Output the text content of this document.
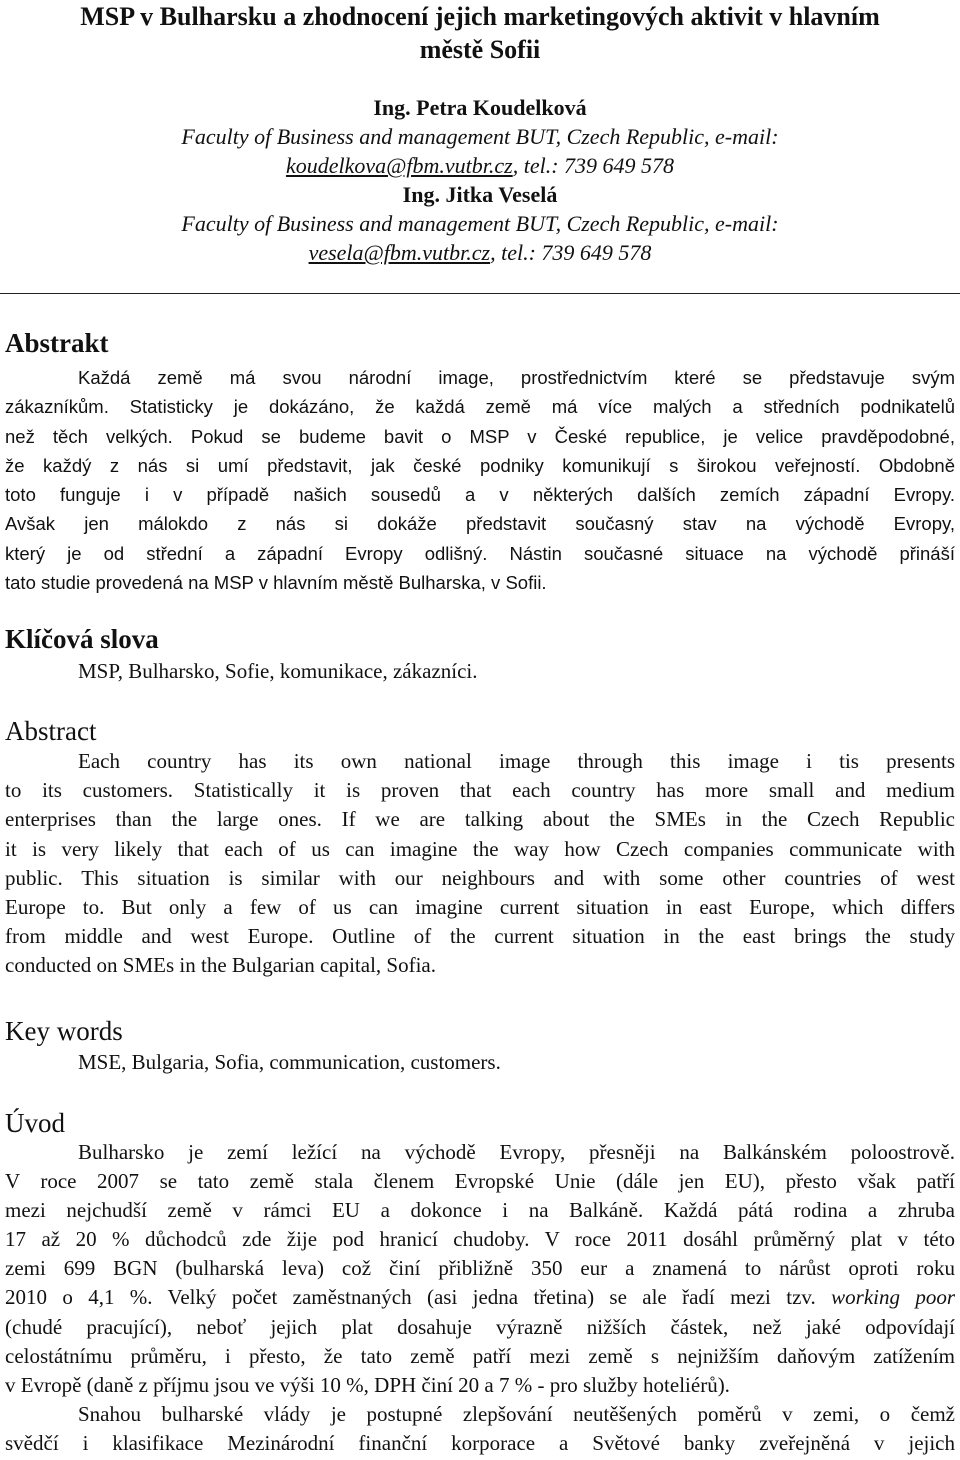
MSP v Bulharsku a zhodnocení jejich marketingových aktivit v hlavním
městě Sofii
Ing. Petra Koudelková
Faculty of Business and management BUT, Czech Republic, e-mail:
koudelkova@fbm.vutbr.cz, tel.: 739 649 578
Ing. Jitka Veselá
Faculty of Business and management BUT, Czech Republic, e-mail:
vesela@fbm.vutbr.cz, tel.: 739 649 578
Abstrakt
Každá země má svou národní image, prostřednictvím které se představuje svým
zákazníkům. Statisticky je dokázáno, že každá země má více malých a středních podnikatelů
než těch velkých. Pokud se budeme bavit o MSP v České republice, je velice pravděpodobné,
že každý z nás si umí představit, jak české podniky komunikují s širokou veřejností. Obdobně
toto funguje i v případě našich sousedů a v některých dalších zemích západní Evropy.
Avšak jen málokdo z nás si dokáže představit současný stav na východě Evropy,
který je od střední a západní Evropy odlišný. Nástin současné situace na východě přináší
tato studie provedená na MSP v hlavním městě Bulharska, v Sofii.
Klíčová slova
MSP, Bulharsko, Sofie, komunikace, zákazníci.
Abstract
Each country has its own national image through this image i tis presents
to its customers. Statistically it is proven that each country has more small and medium
enterprises than the large ones. If we are talking about the SMEs in the Czech Republic
it is very likely that each of us can imagine the way how Czech companies communicate with
public. This situation is similar with our neighbours and with some other countries of west
Europe to. But only a few of us can imagine current situation in east Europe, which differs
from middle and west Europe. Outline of the current situation in the east brings the study
conducted on SMEs in the Bulgarian capital, Sofia.
Key words
MSE, Bulgaria, Sofia, communication, customers.
Úvod
Bulharsko je zemí ležící na východě Evropy, přesněji na Balkánském poloostrově.
V roce 2007 se tato země stala členem Evropské Unie (dále jen EU), přesto však patří
mezi nejchudší země v rámci EU a dokonce i na Balkáně. Každá pátá rodina a zhruba
17 až 20 % důchodců zde žije pod hranicí chudoby. V roce 2011 dosáhl průměrný plat v této
zemi 699 BGN (bulharská leva) což činí přibližně 350 eur a znamená to nárůst oproti roku
2010 o 4,1 %. Velký počet zaměstnaných (asi jedna třetina) se ale řadí mezi tzv. working poor
(chudé pracující), neboť jejich plat dosahuje výrazně nižších částek, než jaké odpovídají
celostátnímu průměru, i přesto, že tato země patří mezi země s nejnižším daňovým zatížením
v Evropě (daně z příjmu jsou ve výši 10 %, DPH činí 20 a 7 % - pro služby hoteliérů).
Snahou bulharské vlády je postupné zlepšování neutěšených poměrů v zemi, o čemž
svědčí i klasifikace Mezinárodní finanční korporace a Světové banky zveřejněná v jejich
